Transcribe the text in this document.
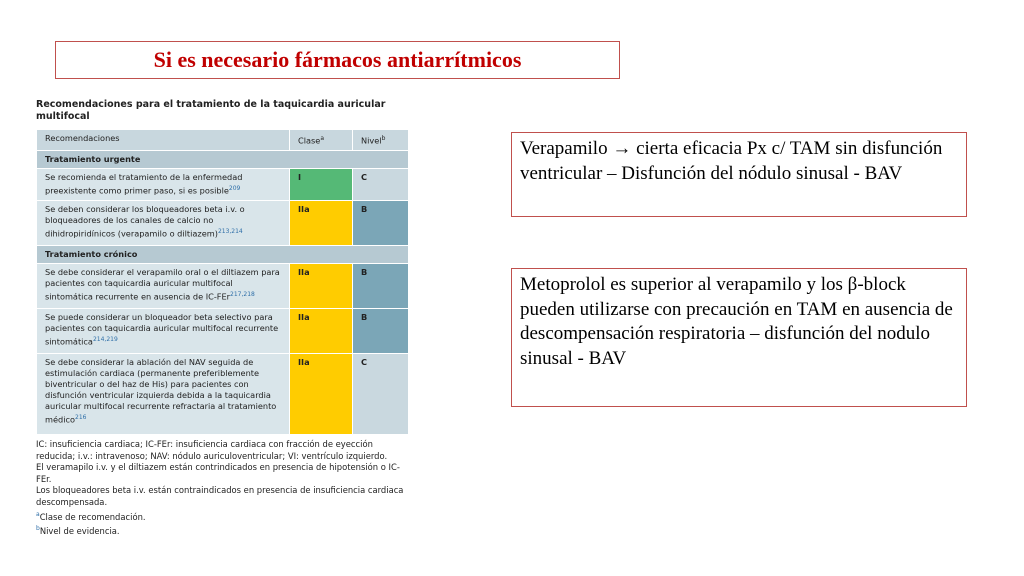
Si es necesario fármacos antiarrítmicos

Recomendaciones para el tratamiento de la taquicardia auricular multifocal

Recomendaciones	Clase$^a$	Nivel$^b$
Tratamiento urgente		
Se recomienda el tratamiento de la enfermedad preexistente como primer paso, si es posible$^{209}$	I	C
Se deben considerar los bloqueadores beta i.v. o bloqueadores de los canales de calcio no dihidropiridínicos (verapamilo o diltiazem)$^{213,214}$	IIa	B
Tratamiento crónico		
Se debe considerar el verapamilo oral o el diltiazem para pacientes con taquicardia auricular multifocal sintomática recurrente en ausencia de IC-FEr$^{217,218}$	IIa	B
Se puede considerar un bloqueador beta selectivo para pacientes con taquicardia auricular multifocal recurrente sintomática$^{214,219}$	IIa	B
Se debe considerar la ablación del NAV seguida de estimulación cardiaca (permanente preferiblemente biventricular o del haz de His) para pacientes con disfunción ventricular izquierda debida a la taquicardia auricular multifocal recurrente refractaria al tratamiento médico$^{216}$	IIa	C

IC: insuficiencia cardiaca; IC-FEr: insuficiencia cardiaca con fracción de eyección reducida; i.v.: intravenoso; NAV: nódulo auriculoventricular; VI: ventrículo izquierdo.

El veramapilo i.v. y el diltiazem están contrindicados en presencia de hipotensión o IC-FEr.

Los bloqueadores beta i.v. están contraindicados en presencia de insuficiencia cardiaca descompensada.

$^a$Clase de recomendación.

$^b$Nivel de evidencia.

Verapamilo → cierta eficacia Px c/ TAM sin disfunción ventricular – Disfunción del nódulo sinusal - BAV
Metoprolol es superior al verapamilo y los β-block pueden utilizarse con precaución en TAM en ausencia de descompensación respiratoria – disfunción del nodulo sinusal - BAV
